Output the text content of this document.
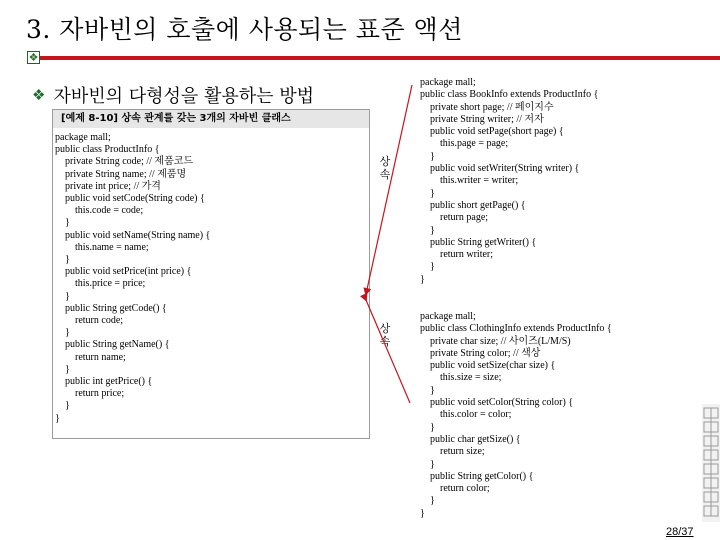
3. 자바빈의 호출에 사용되는 표준 액션
❖
❖ 자바빈의 다형성을 활용하는 방법
[예제 8-10] 상속 관계를 갖는 3개의 자바빈 클래스
package mall;
public class ProductInfo {
private String code; // 제품코드
private String name; // 제품명
private int price; // 가격
public void setCode(String code) {
this.code = code;
}
public void setName(String name) {
this.name = name;
}
public void setPrice(int price) {
this.price = price;
}
public String getCode() {
return code;
}
public String getName() {
return name;
}
public int getPrice() {
return price;
}
}
package mall;
public class BookInfo extends ProductInfo {
private short page; // 페이지수
private String writer; // 저자
public void setPage(short page) {
this.page = page;
}
public void setWriter(String writer) {
this.writer = writer;
}
public short getPage() {
return page;
}
public String getWriter() {
return writer;
}
}
package mall;
public class ClothingInfo extends ProductInfo {
private char size; // 사이즈(L/M/S)
private String color; // 색상
public void setSize(char size) {
this.size = size;
}
public void setColor(String color) {
this.color = color;
}
public char getSize() {
return size;
}
public String getColor() {
return color;
}
}
상
속
상
속
28/37
